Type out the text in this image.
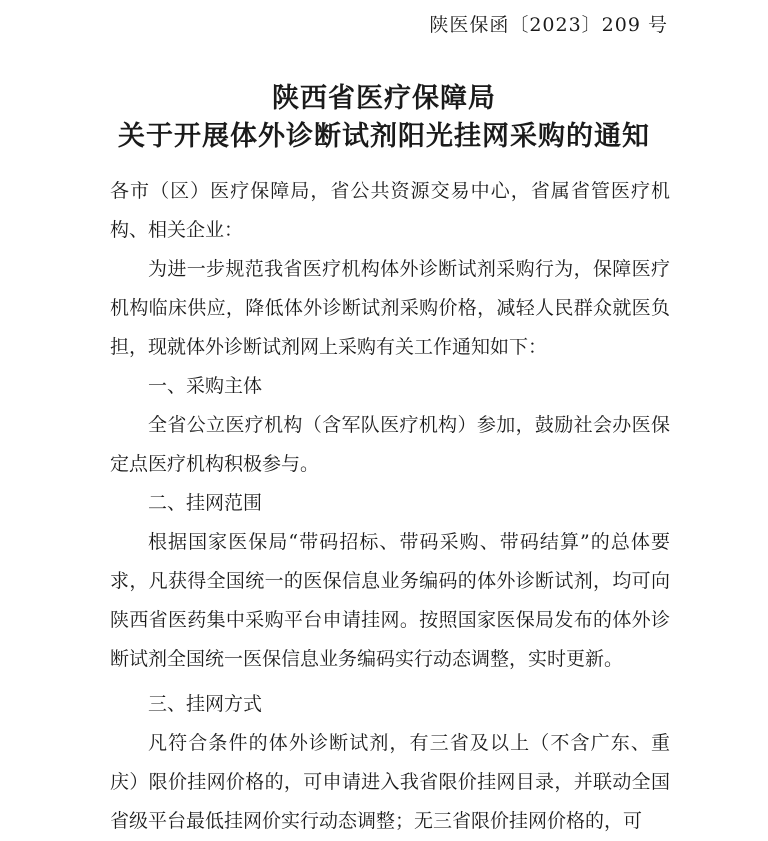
陕医保函〔2023〕209 号
陕西省医疗保障局
关于开展体外诊断试剂阳光挂网采购的通知

各市（区）医疗保障局，省公共资源交易中心，省属省管医疗机构、相关企业：

为进一步规范我省医疗机构体外诊断试剂采购行为，保障医疗机构临床供应，降低体外诊断试剂采购价格，减轻人民群众就医负担，现就体外诊断试剂网上采购有关工作通知如下：

一、采购主体

全省公立医疗机构（含军队医疗机构）参加，鼓励社会办医保定点医疗机构积极参与。

二、挂网范围

根据国家医保局“带码招标、带码采购、带码结算”的总体要求，凡获得全国统一的医保信息业务编码的体外诊断试剂，均可向陕西省医药集中采购平台申请挂网。按照国家医保局发布的体外诊断试剂全国统一医保信息业务编码实行动态调整，实时更新。

三、挂网方式

凡符合条件的体外诊断试剂，有三省及以上（不含广东、重庆）限价挂网价格的，可申请进入我省限价挂网目录，并联动全国省级平台最低挂网价实行动态调整；无三省限价挂网价格的，可
